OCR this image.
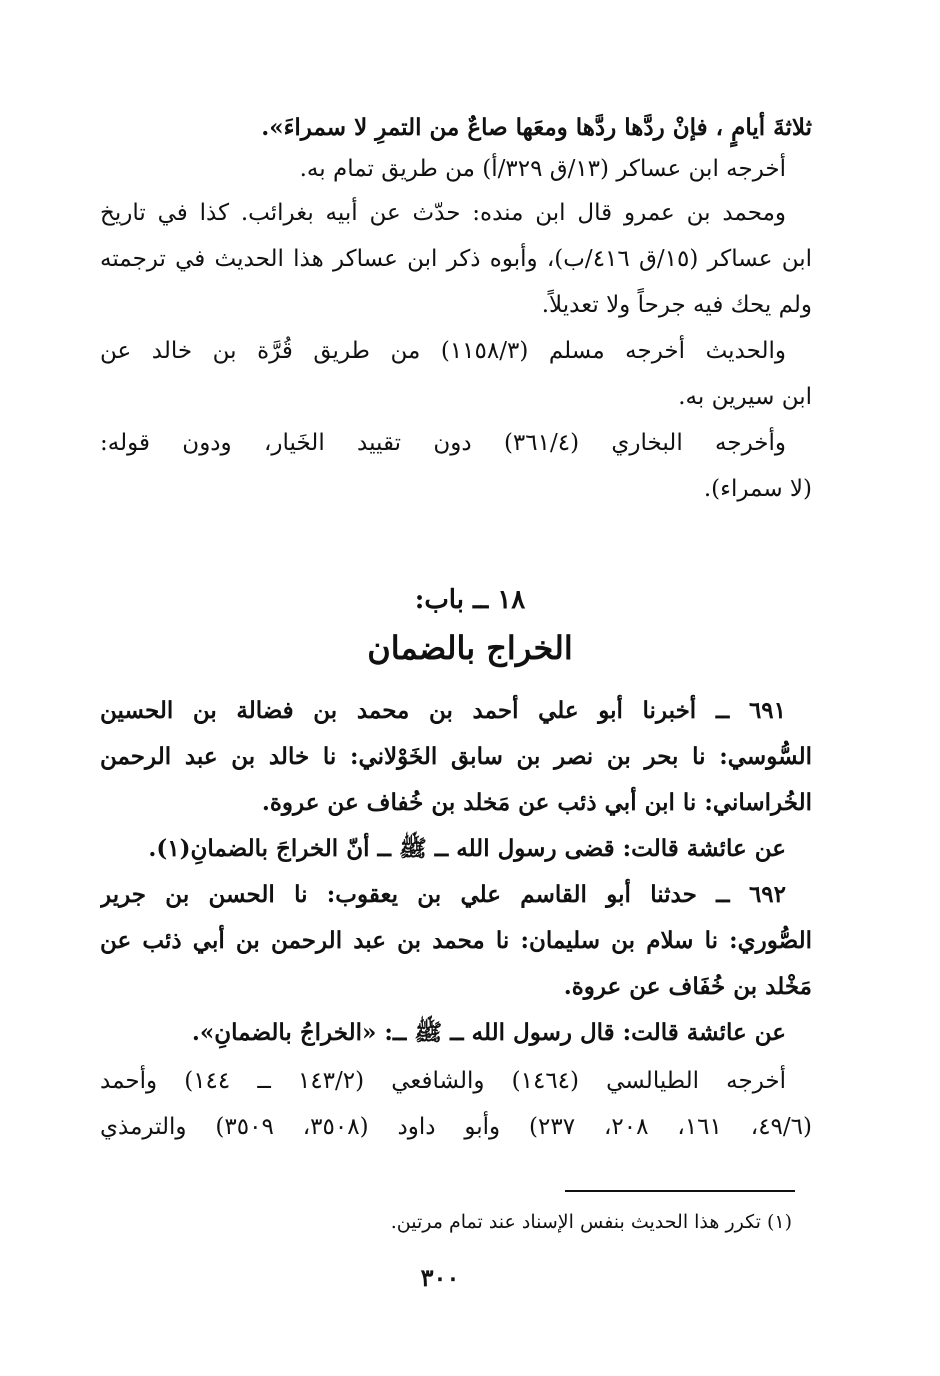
ثلاثةَ أيامٍ ، فإنْ ردَّها ردَّها ومعَها صاعٌ من التمرِ لا سمراءَ».
أخرجه ابن عساكر (١٣/ق ٣٢٩/أ) من طريق تمام به.
ومحمد بن عمرو قال ابن منده: حدّث عن أبيه بغرائب. كذا في تاريخ
ابن عساكر (١٥/ق ٤١٦/ب)، وأبوه ذكر ابن عساكر هذا الحديث في ترجمته
ولم يحك فيه جرحاً ولا تعديلاً.
والحديث أخرجه مسلم (١١٥٨/٣) من طريق قُرَّة بن خالد عن
ابن سيرين به.
وأخرجه البخاري (٣٦١/٤) دون تقييد الخَيار، ودون قوله:
(لا سمراء).
١٨ ــ باب:
الخراج بالضمان
٦٩١ ــ أخبرنا أبو علي أحمد بن محمد بن فضالة بن الحسين
السُّوسي: نا بحر بن نصر بن سابق الخَوْلاني: نا خالد بن عبد الرحمن
الخُراساني: نا ابن أبي ذئب عن مَخلد بن خُفاف عن عروة.
عن عائشة قالت: قضى رسول الله ــ ﷺ ــ أنّ الخراجَ بالضمانِ(١).
٦٩٢ ــ حدثنا أبو القاسم علي بن يعقوب: نا الحسن بن جرير
الصُّوري: نا سلام بن سليمان: نا محمد بن عبد الرحمن بن أبي ذئب عن
مَخْلد بن خُفَاف عن عروة.
عن عائشة قالت: قال رسول الله ــ ﷺ ــ: «الخراجُ بالضمانِ».
أخرجه الطيالسي (١٤٦٤) والشافعي (١٤٣/٢ ــ ١٤٤) وأحمد
(٤٩/٦، ١٦١، ٢٠٨، ٢٣٧) وأبو داود (٣٥٠٨، ٣٥٠٩) والترمذي
(١) تكرر هذا الحديث بنفس الإسناد عند تمام مرتين.
٣٠٠
